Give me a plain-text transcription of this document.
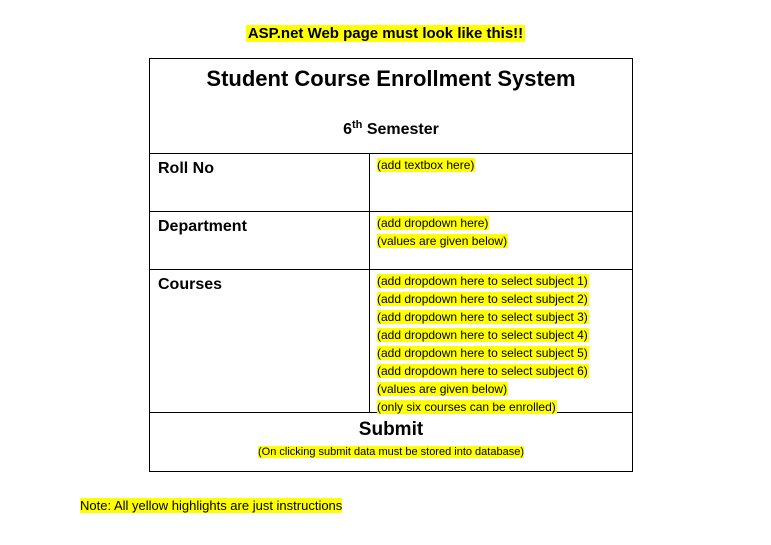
ASP.net Web page must look like this!!
Student Course Enrollment System
6th Semester
Roll No	(add textbox here)
Department	(add dropdown here)
(values are given below)
Courses	(add dropdown here to select subject 1)
(add dropdown here to select subject 2)
(add dropdown here to select subject 3)
(add dropdown here to select subject 4)
(add dropdown here to select subject 5)
(add dropdown here to select subject 6)
(values are given below)
(only six courses can be enrolled)
Submit
(On clicking submit data must be stored into database)
Note: All yellow highlights are just instructions
